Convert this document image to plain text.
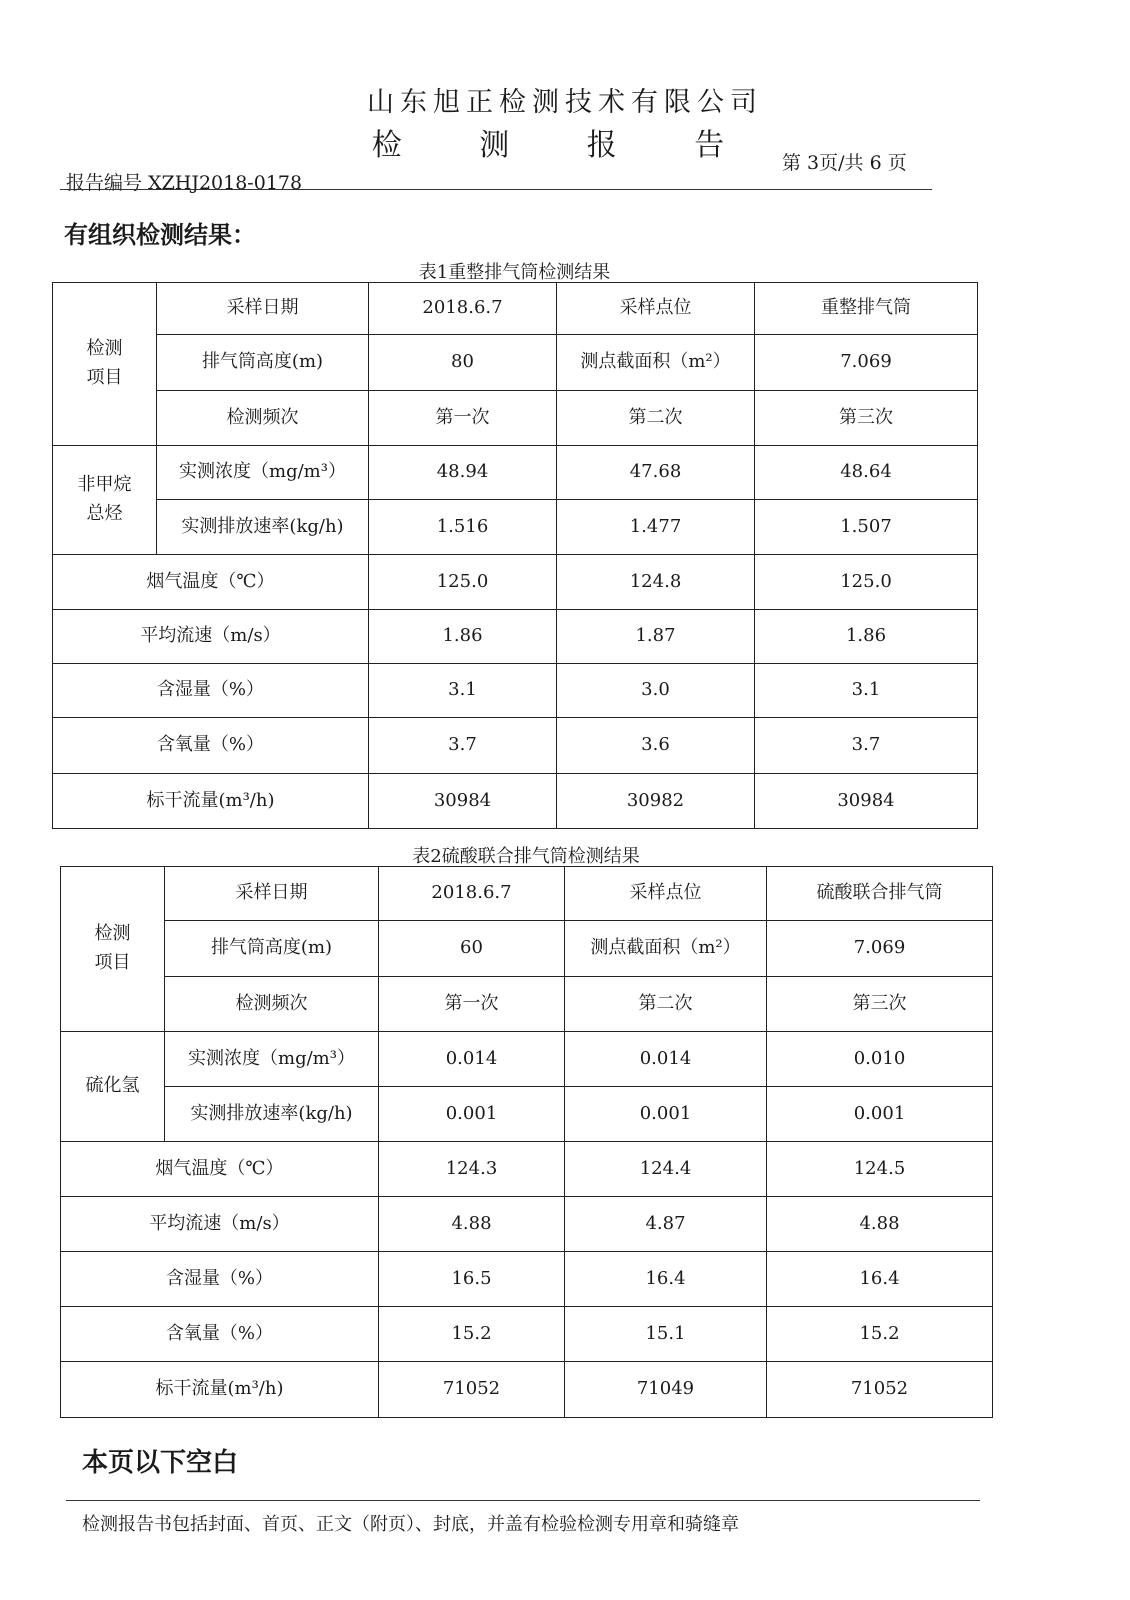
山东旭正检测技术有限公司
检 测 报 告	第 3页/共 6 页
报告编号 XZHJ2018-0178
有组织检测结果：
表1重整排气筒检测结果
检测
项目	采样日期	2018.6.7	采样点位	重整排气筒
	排气筒高度(m)	80	测点截面积（m²）	7.069
	检测频次	第一次	第二次	第三次
非甲烷
总烃	实测浓度（mg/m³）	48.94	47.68	48.64
	实测排放速率(kg/h)	1.516	1.477	1.507
烟气温度（℃）		125.0	124.8	125.0
平均流速（m/s）		1.86	1.87	1.86
含湿量（%）		3.1	3.0	3.1
含氧量（%）		3.7	3.6	3.7
标干流量(m³/h)		30984	30982	30984
表2硫酸联合排气筒检测结果
检测
项目	采样日期	2018.6.7	采样点位	硫酸联合排气筒
	排气筒高度(m)	60	测点截面积（m²）	7.069
	检测频次	第一次	第二次	第三次
硫化氢	实测浓度（mg/m³）	0.014	0.014	0.010
	实测排放速率(kg/h)	0.001	0.001	0.001
烟气温度（℃）		124.3	124.4	124.5
平均流速（m/s）		4.88	4.87	4.88
含湿量（%）		16.5	16.4	16.4
含氧量（%）		15.2	15.1	15.2
标干流量(m³/h)		71052	71049	71052
本页以下空白
检测报告书包括封面、首页、正文（附页）、封底，并盖有检验检测专用章和骑缝章
